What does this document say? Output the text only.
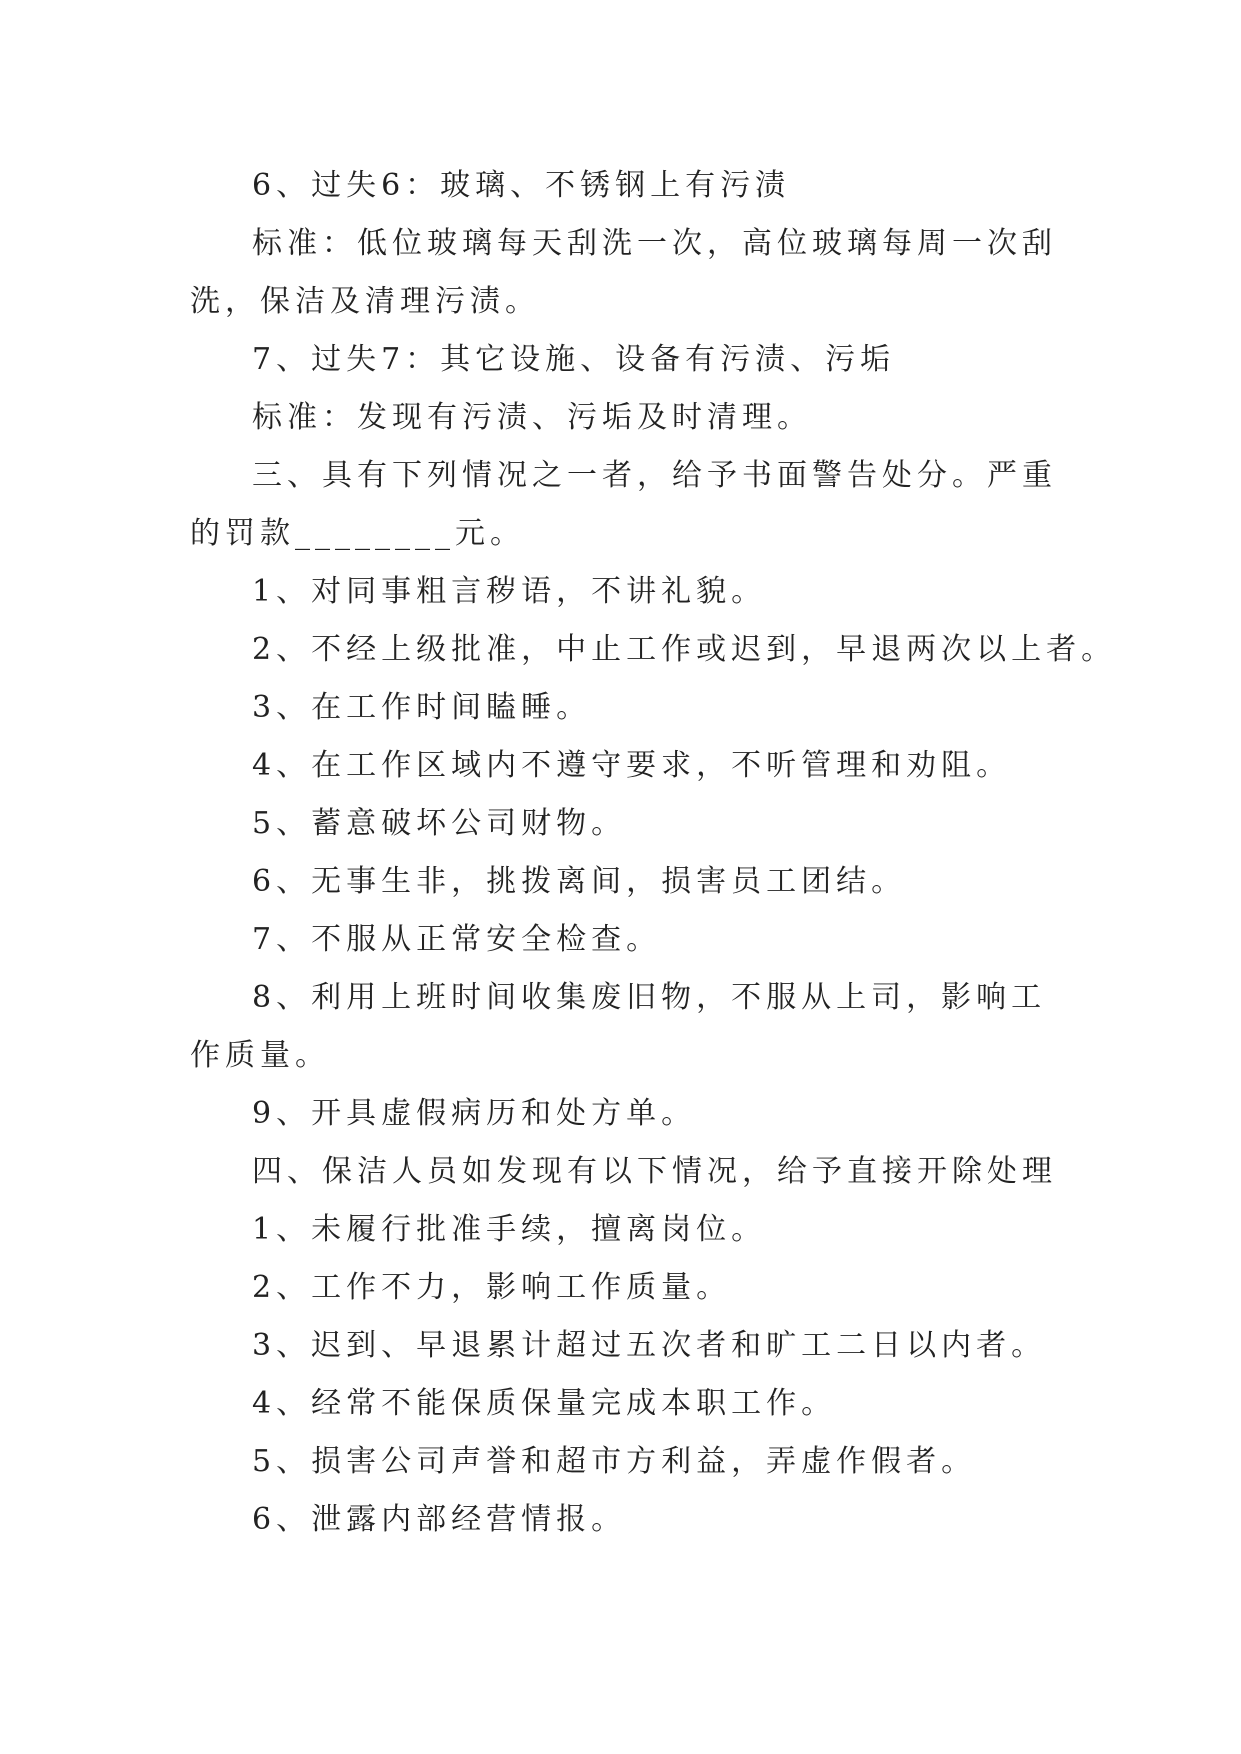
6、过失6：玻璃、不锈钢上有污渍

标准：低位玻璃每天刮洗一次，高位玻璃每周一次刮洗，保洁及清理污渍。

7、过失7：其它设施、设备有污渍、污垢

标准：发现有污渍、污垢及时清理。

三、具有下列情况之一者，给予书面警告处分。严重的罚款________元。

1、对同事粗言秽语，不讲礼貌。

2、不经上级批准，中止工作或迟到，早退两次以上者。

3、在工作时间瞌睡。

4、在工作区域内不遵守要求，不听管理和劝阻。

5、蓄意破坏公司财物。

6、无事生非，挑拨离间，损害员工团结。

7、不服从正常安全检查。

8、利用上班时间收集废旧物，不服从上司，影响工作质量。

9、开具虚假病历和处方单。

四、保洁人员如发现有以下情况，给予直接开除处理

1、未履行批准手续，擅离岗位。

2、工作不力，影响工作质量。

3、迟到、早退累计超过五次者和旷工二日以内者。

4、经常不能保质保量完成本职工作。

5、损害公司声誉和超市方利益，弄虚作假者。

6、泄露内部经营情报。
